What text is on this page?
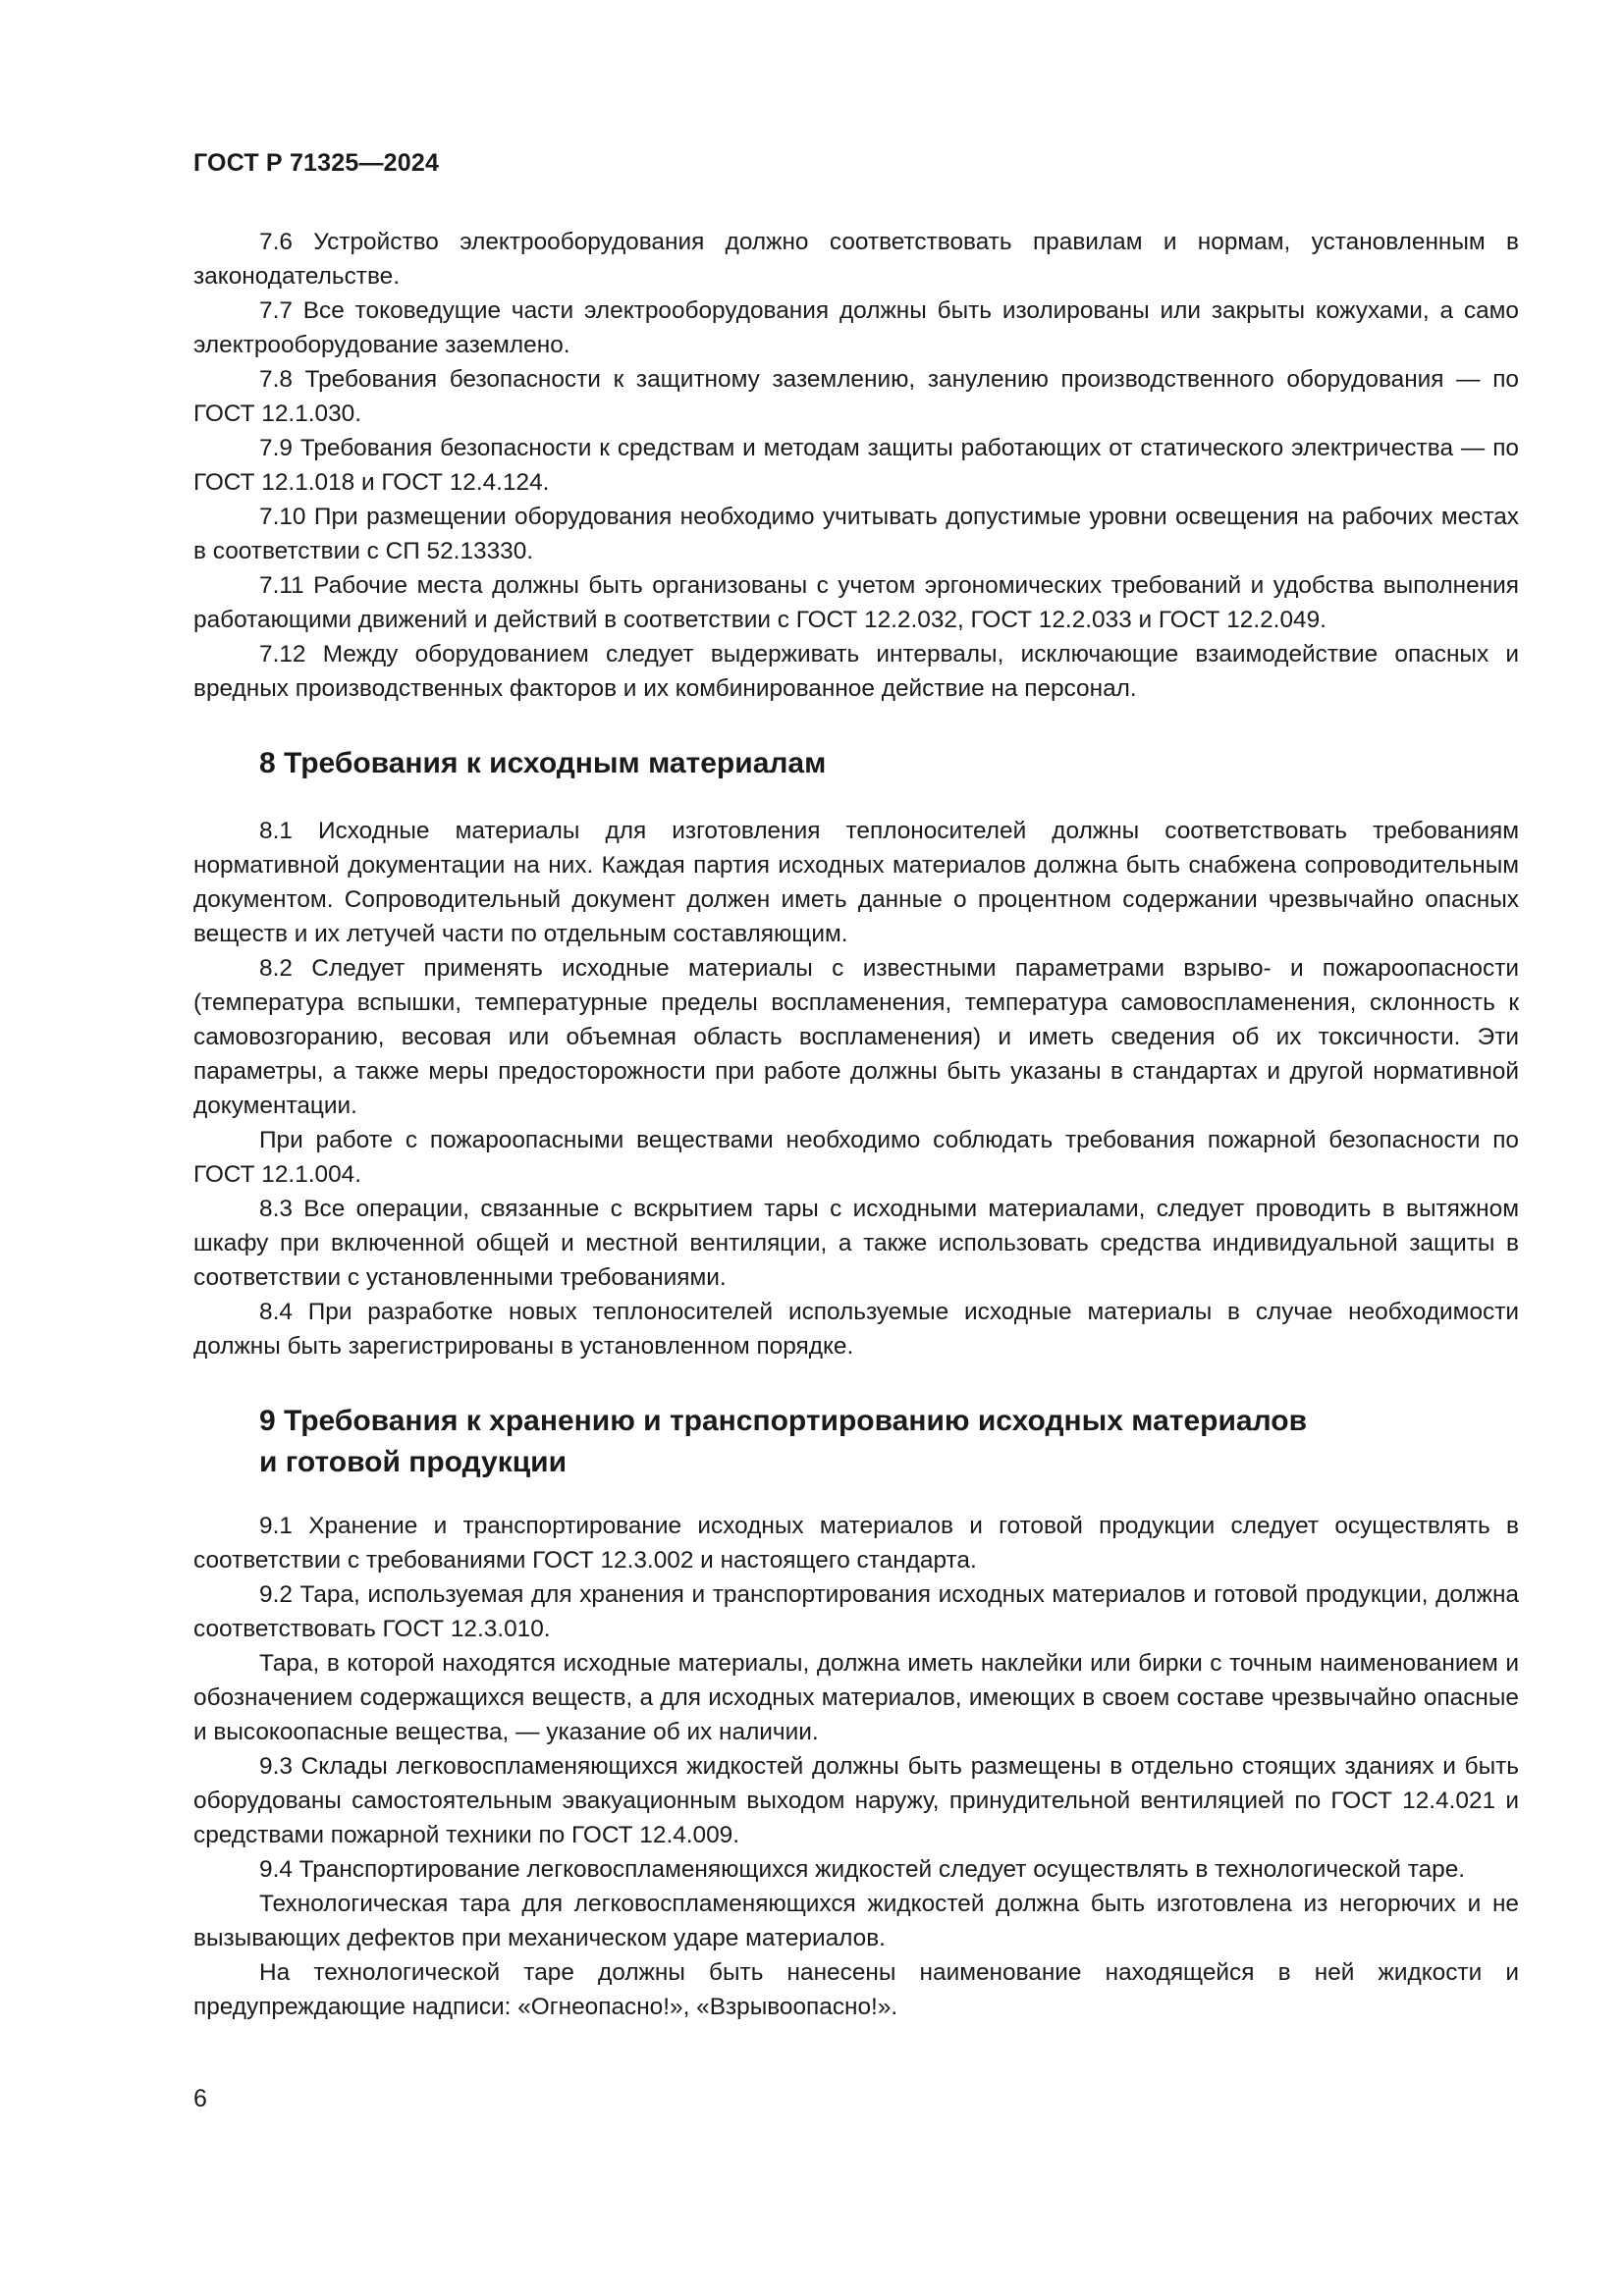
ГОСТ Р 71325—2024

7.6 Устройство электрооборудования должно соответствовать правилам и нормам, установленным в законодательстве.

7.7 Все токоведущие части электрооборудования должны быть изолированы или закрыты кожухами, а само электрооборудование заземлено.

7.8 Требования безопасности к защитному заземлению, занулению производственного оборудования — по ГОСТ 12.1.030.

7.9 Требования безопасности к средствам и методам защиты работающих от статического электричества — по ГОСТ 12.1.018 и ГОСТ 12.4.124.

7.10 При размещении оборудования необходимо учитывать допустимые уровни освещения на рабочих местах в соответствии с СП 52.13330.

7.11 Рабочие места должны быть организованы с учетом эргономических требований и удобства выполнения работающими движений и действий в соответствии с ГОСТ 12.2.032, ГОСТ 12.2.033 и ГОСТ 12.2.049.

7.12 Между оборудованием следует выдерживать интервалы, исключающие взаимодействие опасных и вредных производственных факторов и их комбинированное действие на персонал.

8 Требования к исходным материалам

8.1 Исходные материалы для изготовления теплоносителей должны соответствовать требованиям нормативной документации на них. Каждая партия исходных материалов должна быть снабжена сопроводительным документом. Сопроводительный документ должен иметь данные о процентном содержании чрезвычайно опасных веществ и их летучей части по отдельным составляющим.

8.2 Следует применять исходные материалы с известными параметрами взрыво- и пожароопасности (температура вспышки, температурные пределы воспламенения, температура самовоспламенения, склонность к самовозгоранию, весовая или объемная область воспламенения) и иметь сведения об их токсичности. Эти параметры, а также меры предосторожности при работе должны быть указаны в стандартах и другой нормативной документации.

При работе с пожароопасными веществами необходимо соблюдать требования пожарной безопасности по ГОСТ 12.1.004.

8.3 Все операции, связанные с вскрытием тары с исходными материалами, следует проводить в вытяжном шкафу при включенной общей и местной вентиляции, а также использовать средства индивидуальной защиты в соответствии с установленными требованиями.

8.4 При разработке новых теплоносителей используемые исходные материалы в случае необходимости должны быть зарегистрированы в установленном порядке.

9 Требования к хранению и транспортированию исходных материалов
и готовой продукции

9.1 Хранение и транспортирование исходных материалов и готовой продукции следует осуществлять в соответствии с требованиями ГОСТ 12.3.002 и настоящего стандарта.

9.2 Тара, используемая для хранения и транспортирования исходных материалов и готовой продукции, должна соответствовать ГОСТ 12.3.010.

Тара, в которой находятся исходные материалы, должна иметь наклейки или бирки с точным наименованием и обозначением содержащихся веществ, а для исходных материалов, имеющих в своем составе чрезвычайно опасные и высокоопасные вещества, — указание об их наличии.

9.3 Склады легковоспламеняющихся жидкостей должны быть размещены в отдельно стоящих зданиях и быть оборудованы самостоятельным эвакуационным выходом наружу, принудительной вентиляцией по ГОСТ 12.4.021 и средствами пожарной техники по ГОСТ 12.4.009.

9.4 Транспортирование легковоспламеняющихся жидкостей следует осуществлять в технологической таре.

Технологическая тара для легковоспламеняющихся жидкостей должна быть изготовлена из негорючих и не вызывающих дефектов при механическом ударе материалов.

На технологической таре должны быть нанесены наименование находящейся в ней жидкости и предупреждающие надписи: «Огнеопасно!», «Взрывоопасно!».

6
